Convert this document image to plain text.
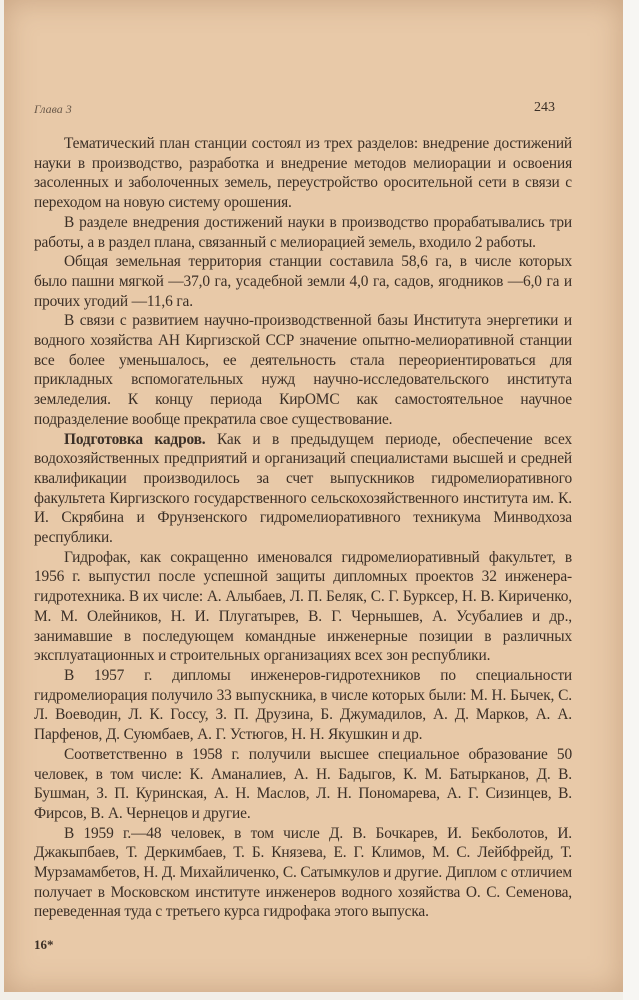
Глава 3	243

Тематический план станции состоял из трех разделов: внедрение достижений науки в производство, разработка и внедрение методов мелиорации и освоения засоленных и заболоченных земель, переустройство оросительной сети в связи с переходом на новую систему орошения.

В разделе внедрения достижений науки в производство прорабатывались три работы, а в раздел плана, связанный с мелиорацией земель, входило 2 работы.

Общая земельная территория станции составила 58,6 га, в числе которых было пашни мягкой —37,0 га, усадебной земли 4,0 га, садов, ягодников —6,0 га и прочих угодий —11,6 га.

В связи с развитием научно-производственной базы Института энергетики и водного хозяйства АН Киргизской ССР значение опытно-мелиоративной станции все более уменьшалось, ее деятельность стала переориентироваться для прикладных вспомогательных нужд научно-исследовательского института земледелия. К концу периода КирОМС как самостоятельное научное подразделение вообще прекратила свое существование.

Подготовка кадров. Как и в предыдущем периоде, обеспечение всех водохозяйственных предприятий и организаций специалистами высшей и средней квалификации производилось за счет выпускников гидромелиоративного факультета Киргизского государственного сельскохозяйственного института им. К. И. Скрябина и Фрунзенского гидромелиоративного техникума Минводхоза республики.

Гидрофак, как сокращенно именовался гидромелиоративный факультет, в 1956 г. выпустил после успешной защиты дипломных проектов 32 инженера-гидротехника. В их числе: А. Алыбаев, Л. П. Беляк, С. Г. Бурксер, Н. В. Кириченко, М. М. Олейников, Н. И. Плугатырев, В. Г. Чернышев, А. Усубалиев и др., занимавшие в последующем командные инженерные позиции в различных эксплуатационных и строительных организациях всех зон республики.

В 1957 г. дипломы инженеров-гидротехников по специальности гидромелиорация получило 33 выпускника, в числе которых были: М. Н. Бычек, С. Л. Воеводин, Л. К. Госсу, З. П. Друзина, Б. Джумадилов, А. Д. Марков, А. А. Парфенов, Д. Суюмбаев, А. Г. Устюгов, Н. Н. Якушкин и др.

Соответственно в 1958 г. получили высшее специальное образование 50 человек, в том числе: К. Аманалиев, А. Н. Бадыгов, К. М. Батырканов, Д. В. Бушман, З. П. Куринская, А. Н. Маслов, Л. Н. Пономарева, А. Г. Сизинцев, В. Фирсов, В. А. Чернецов и другие.

В 1959 г.—48 человек, в том числе Д. В. Бочкарев, И. Бекболотов, И. Джакыпбаев, Т. Деркимбаев, Т. Б. Князева, Е. Г. Климов, М. С. Лейбфрейд, Т. Мурзамамбетов, Н. Д. Михайличенко, С. Сатымкулов и другие. Диплом с отличием получает в Московском институте инженеров водного хозяйства О. С. Семенова, переведенная туда с третьего курса гидрофака этого выпуска.

16*
